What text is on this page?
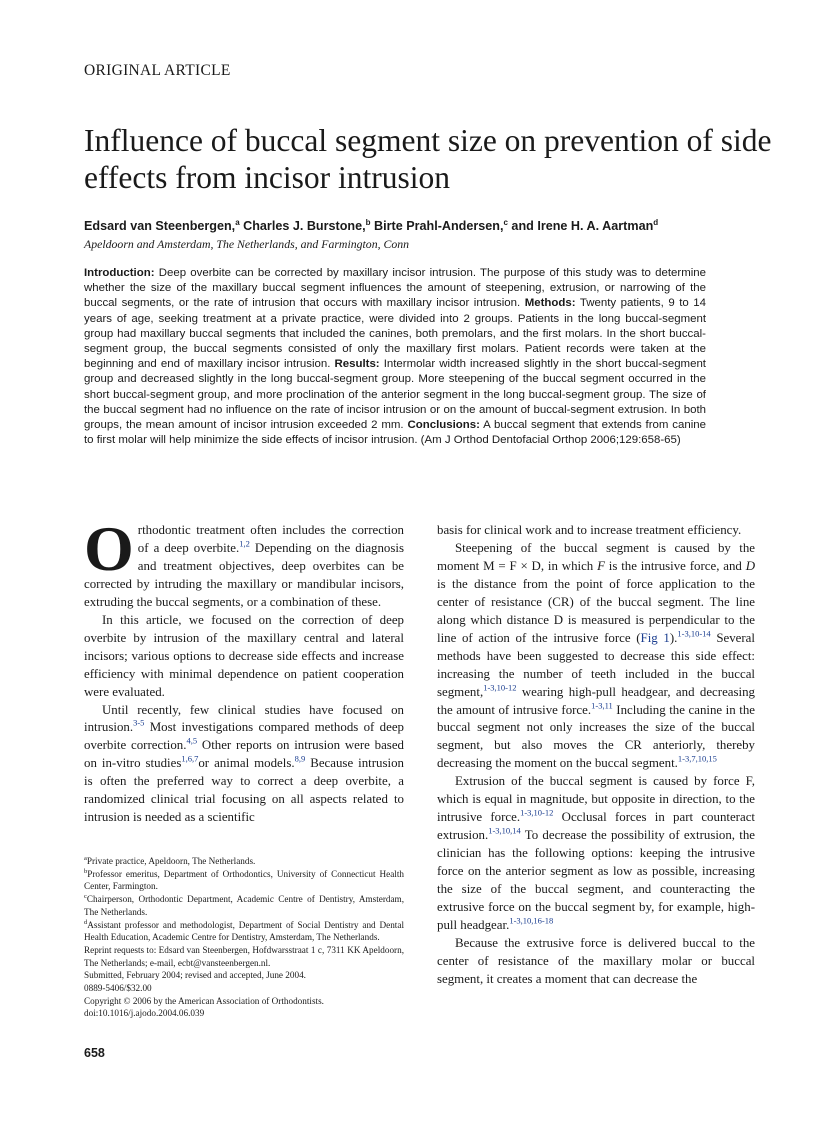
ORIGINAL ARTICLE
Influence of buccal segment size on prevention of side effects from incisor intrusion
Edsard van Steenbergen,$^a$ Charles J. Burstone,$^b$ Birte Prahl-Andersen,$^c$ and Irene H. A. Aartman$^d$
Apeldoorn and Amsterdam, The Netherlands, and Farmington, Conn

Introduction: Deep overbite can be corrected by maxillary incisor intrusion. The purpose of this study was to determine whether the size of the maxillary buccal segment influences the amount of steepening, extrusion, or narrowing of the buccal segments, or the rate of intrusion that occurs with maxillary incisor intrusion. Methods: Twenty patients, 9 to 14 years of age, seeking treatment at a private practice, were divided into 2 groups. Patients in the long buccal-segment group had maxillary buccal segments that included the canines, both premolars, and the first molars. In the short buccal-segment group, the buccal segments consisted of only the maxillary first molars. Patient records were taken at the beginning and end of maxillary incisor intrusion. Results: Intermolar width increased slightly in the short buccal-segment group and decreased slightly in the long buccal-segment group. More steepening of the buccal segment occurred in the short buccal-segment group, and more proclination of the anterior segment in the long buccal-segment group. The size of the buccal segment had no influence on the rate of incisor intrusion or on the amount of buccal-segment extrusion. In both groups, the mean amount of incisor intrusion exceeded 2 mm. Conclusions: A buccal segment that extends from canine to first molar will help minimize the side effects of incisor intrusion. (Am J Orthod Dentofacial Orthop 2006;129:658-65)

Orthodontic treatment often includes the correction of a deep overbite.$^{1,2}$ Depending on the diagnosis and treatment objectives, deep overbites can be corrected by intruding the maxillary or mandibular incisors, extruding the buccal segments, or a combination of these.

In this article, we focused on the correction of deep overbite by intrusion of the maxillary central and lateral incisors; various options to decrease side effects and increase efficiency with minimal dependence on patient cooperation were evaluated.

Until recently, few clinical studies have focused on intrusion.$^{3-5}$ Most investigations compared methods of deep overbite correction.$^{4,5}$ Other reports on intrusion were based on in-vitro studies$^{1,6,7}$or animal models.$^{8,9}$ Because intrusion is often the preferred way to correct a deep overbite, a randomized clinical trial focusing on all aspects related to intrusion is needed as a scientific

basis for clinical work and to increase treatment efficiency.

Steepening of the buccal segment is caused by the moment M = F × D, in which F is the intrusive force, and D is the distance from the point of force application to the center of resistance (CR) of the buccal segment. The line along which distance D is measured is perpendicular to the line of action of the intrusive force (Fig 1).$^{1-3,10-14}$ Several methods have been suggested to decrease this side effect: increasing the number of teeth included in the buccal segment,$^{1-3,10-12}$ wearing high-pull headgear, and decreasing the amount of intrusive force.$^{1-3,11}$ Including the canine in the buccal segment not only increases the size of the buccal segment, but also moves the CR anteriorly, thereby decreasing the moment on the buccal segment.$^{1-3,7,10,15}$

Extrusion of the buccal segment is caused by force F, which is equal in magnitude, but opposite in direction, to the intrusive force.$^{1-3,10-12}$ Occlusal forces in part counteract extrusion.$^{1-3,10,14}$ To decrease the possibility of extrusion, the clinician has the following options: keeping the intrusive force on the anterior segment as low as possible, increasing the size of the buccal segment, and counteracting the extrusive force on the buccal segment by, for example, high-pull headgear.$^{1-3,10,16-18}$

Because the extrusive force is delivered buccal to the center of resistance of the maxillary molar or buccal segment, it creates a moment that can decrease the

$^a$Private practice, Apeldoorn, The Netherlands.
$^b$Professor emeritus, Department of Orthodontics, University of Connecticut Health Center, Farmington.
$^c$Chairperson, Orthodontic Department, Academic Centre of Dentistry, Amsterdam, The Netherlands.
$^d$Assistant professor and methodologist, Department of Social Dentistry and Dental Health Education, Academic Centre for Dentistry, Amsterdam, The Netherlands.
Reprint requests to: Edsard van Steenbergen, Hofdwarsstraat 1 c, 7311 KK Apeldoorn, The Netherlands; e-mail, ecbt@vansteenbergen.nl.
Submitted, February 2004; revised and accepted, June 2004.
0889-5406/$32.00
Copyright © 2006 by the American Association of Orthodontists.
doi:10.1016/j.ajodo.2004.06.039
658
